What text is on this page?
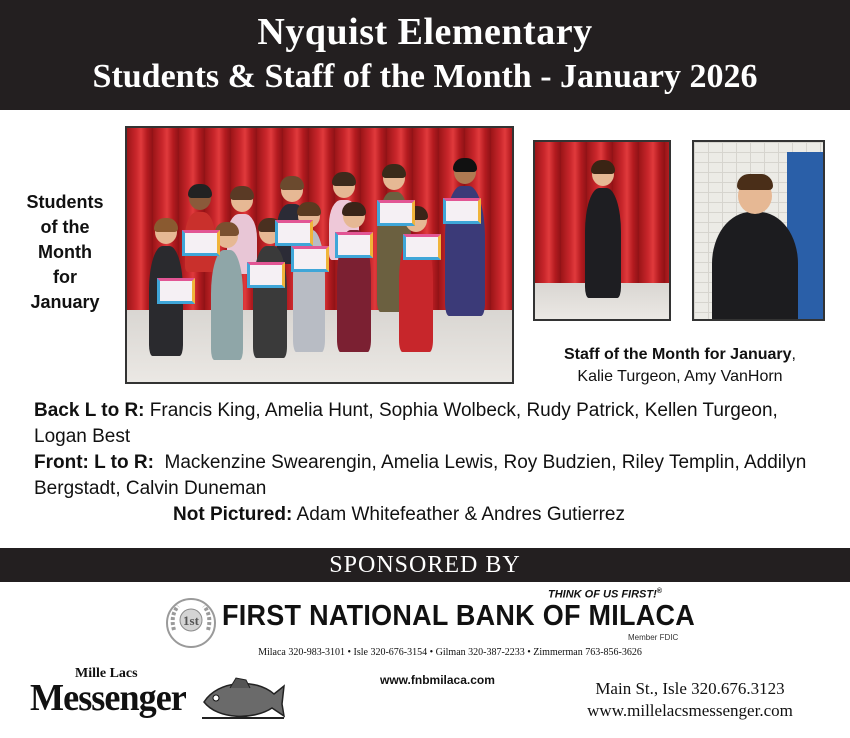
Nyquist Elementary
Students & Staff of the Month - January 2026
Students
of the
Month
for
January
Staff of the Month for January,
Kalie Turgeon, Amy VanHorn
Back L to R: Francis King, Amelia Hunt, Sophia Wolbeck, Rudy Patrick, Kellen Turgeon, Logan Best
Front: L to R: Mackenzine Swearengin, Amelia Lewis, Roy Budzien, Riley Templin, Addilyn Bergstadt, Calvin Duneman
Not Pictured: Adam Whitefeather & Andres Gutierrez
SPONSORED BY
1st
THINK OF US FIRST!®
FIRST NATIONAL BANK OF MILACA
Member FDIC
Milaca 320-983-3101 • Isle 320-676-3154 • Gilman 320-387-2233 • Zimmerman 763-856-3626
www.fnbmilaca.com
Mille Lacs
Messenger	Main St., Isle 320.676.3123
www.millelacsmessenger.com
